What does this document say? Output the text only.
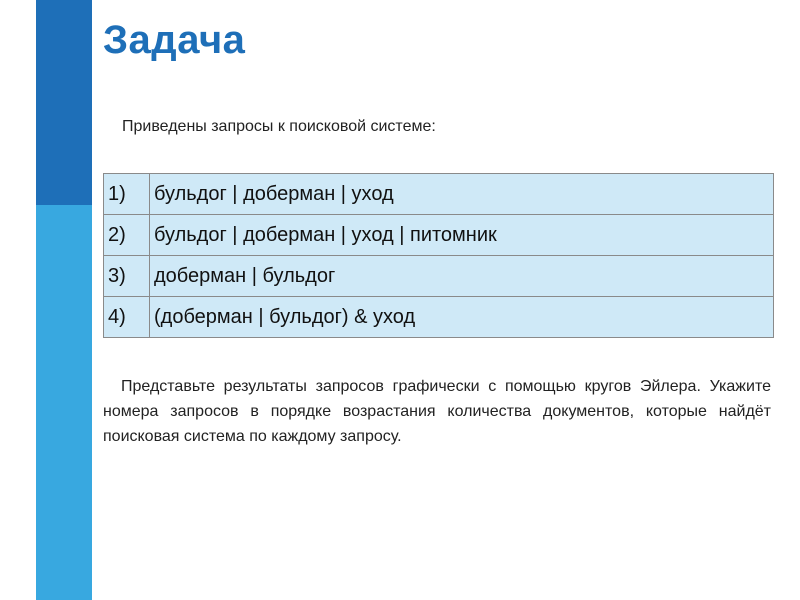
Задача
Приведены запросы к поисковой системе:
1)	бульдог | доберман | уход
2)	бульдог | доберман | уход | питомник
3)	доберман | бульдог
4)	(доберман | бульдог) & уход
Представьте результаты запросов графически с помощью кругов Эйлера. Укажите номера запросов в порядке возрастания количества документов, которые найдёт поисковая система по каждому запросу.
